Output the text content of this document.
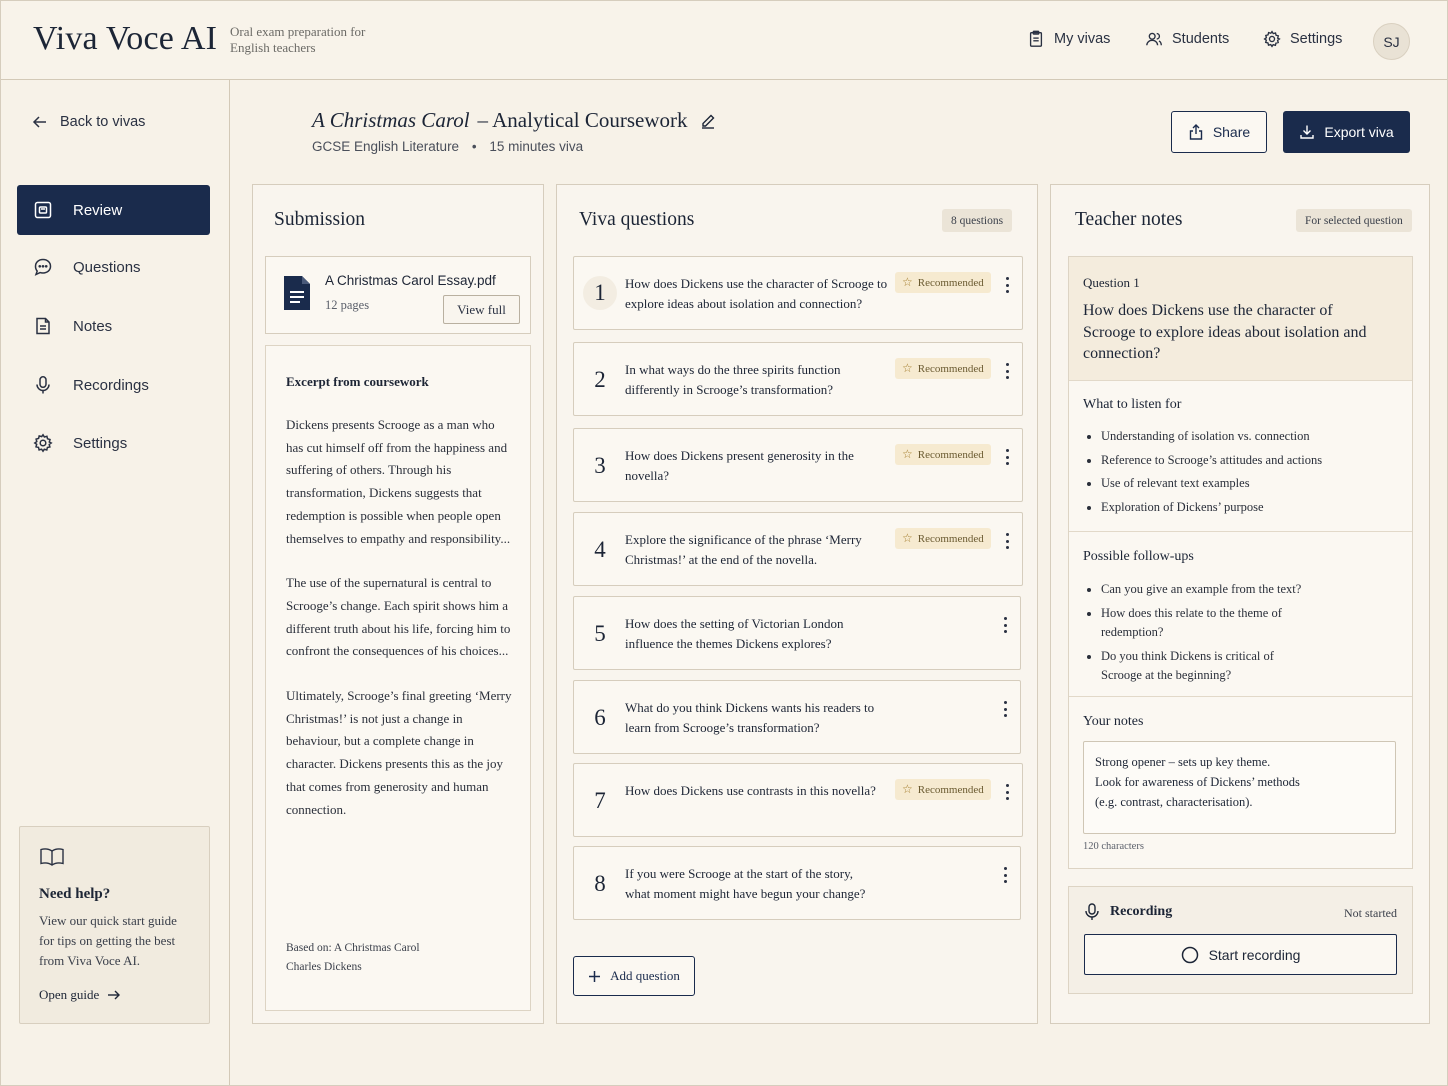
Viva Voce AI Oral exam preparation for English teachers
My vivas	Students	Settings	SJ
Back to vivas
Review
Questions
Notes
Recordings
Settings
Need help?
View our quick start guide for tips on getting the best from Viva Voce AI.
Open guide
A Christmas Carol – Analytical Coursework
GCSE English Literature • 15 minutes viva
Share	Export viva
Submission
A Christmas Carol Essay.pdf
12 pages	View full
Excerpt from coursework

Dickens presents Scrooge as a man who has cut himself off from the happiness and suffering of others. Through his transformation, Dickens suggests that redemption is possible when people open themselves to empathy and responsibility...

The use of the supernatural is central to Scrooge’s change. Each spirit shows him a different truth about his life, forcing him to confront the consequences of his choices...

Ultimately, Scrooge’s final greeting ‘Merry Christmas!’ is not just a change in behaviour, but a complete change in character. Dickens presents this as the joy that comes from generosity and human connection.

Based on: A Christmas Carol
Charles Dickens
Viva questions	8 questions
1	How does Dickens use the character of Scrooge to explore ideas about isolation and connection?
☆ Recommended
2	In what ways do the three spirits function differently in Scrooge’s transformation?
☆ Recommended
3	How does Dickens present generosity in the novella?
☆ Recommended
4	Explore the significance of the phrase ‘Merry Christmas!’ at the end of the novella.
☆ Recommended
5	How does the setting of Victorian London influence the themes Dickens explores?
6	What do you think Dickens wants his readers to learn from Scrooge’s transformation?
7	How does Dickens use contrasts in this novella?	☆ Recommended
8	If you were Scrooge at the start of the story, what moment might have begun your change?
Add question
Teacher notes	For selected question
Question 1
How does Dickens use the character of Scrooge to explore ideas about isolation and connection?
What to listen for
• Understanding of isolation vs. connection
• Reference to Scrooge’s attitudes and actions
• Use of relevant text examples
• Exploration of Dickens’ purpose
Possible follow-ups
• Can you give an example from the text?
• How does this relate to the theme of redemption?
• Do you think Dickens is critical of Scrooge at the beginning?
Your notes
Strong opener – sets up key theme.
Look for awareness of Dickens’ methods
(e.g. contrast, characterisation).
120 characters
Recording	Not started
Start recording
